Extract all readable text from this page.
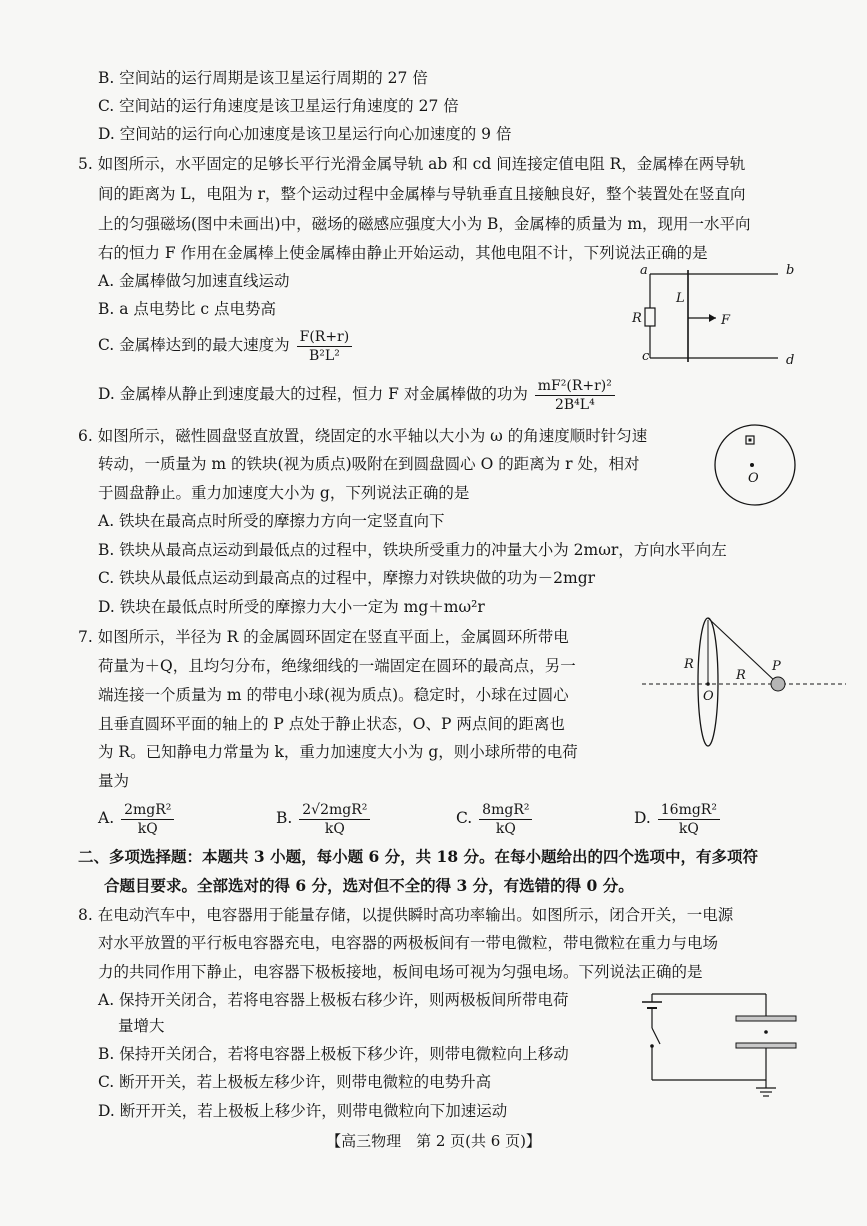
B. 空间站的运行周期是该卫星运行周期的 27 倍
C. 空间站的运行角速度是该卫星运行角速度的 27 倍
D. 空间站的运行向心加速度是该卫星运行向心加速度的 9 倍
5. 如图所示，水平固定的足够长平行光滑金属导轨 ab 和 cd 间连接定值电阻 R，金属棒在两导轨
间的距离为 L，电阻为 r，整个运动过程中金属棒与导轨垂直且接触良好，整个装置处在竖直向
上的匀强磁场(图中未画出)中，磁场的磁感应强度大小为 B，金属棒的质量为 m，现用一水平向
右的恒力 F 作用在金属棒上使金属棒由静止开始运动，其他电阻不计，下列说法正确的是
A. 金属棒做匀加速直线运动
B. a 点电势比 c 点电势高
C. 金属棒达到的最大速度为 $\frac{F(R+r)}{\text{B²L²}}$
D. 金属棒从静止到速度最大的过程，恒力 F 对金属棒做的功为 $\frac{\text{mF²(R+r)²}}{\text{2B⁴L⁴}}$
a	b
c	d
L
R	F
6. 如图所示，磁性圆盘竖直放置，绕固定的水平轴以大小为 ω 的角速度顺时针匀速
转动，一质量为 m 的铁块(视为质点)吸附在到圆盘圆心 O 的距离为 r 处，相对
于圆盘静止。重力加速度大小为 g，下列说法正确的是
A. 铁块在最高点时所受的摩擦力方向一定竖直向下
B. 铁块从最高点运动到最低点的过程中，铁块所受重力的冲量大小为 2mωr，方向水平向左
C. 铁块从最低点运动到最高点的过程中，摩擦力对铁块做的功为－2mgr
D. 铁块在最低点时所受的摩擦力大小一定为 mg＋mω²r
O
7. 如图所示，半径为 R 的金属圆环固定在竖直平面上，金属圆环所带电
荷量为＋Q，且均匀分布，绝缘细线的一端固定在圆环的最高点，另一
端连接一个质量为 m 的带电小球(视为质点)。稳定时，小球在过圆心
且垂直圆环平面的轴上的 P 点处于静止状态，O、P 两点间的距离也
为 R。已知静电力常量为 k，重力加速度大小为 g，则小球所带的电荷
量为
A. $\frac{\text{2mgR²}}{kQ}$	B. $\frac{\text{2√2mgR²}}{kQ}$	C. $\frac{\text{8mgR²}}{kQ}$	D. $\frac{\text{16mgR²}}{kQ}$
R
R
O
P
二、多项选择题：本题共 3 小题，每小题 6 分，共 18 分。在每小题给出的四个选项中，有多项符
合题目要求。全部选对的得 6 分，选对但不全的得 3 分，有选错的得 0 分。
8. 在电动汽车中，电容器用于能量存储，以提供瞬时高功率输出。如图所示，闭合开关，一电源
对水平放置的平行板电容器充电，电容器的两极板间有一带电微粒，带电微粒在重力与电场
力的共同作用下静止，电容器下极板接地，板间电场可视为匀强电场。下列说法正确的是
A. 保持开关闭合，若将电容器上极板右移少许，则两极板间所带电荷
量增大
B. 保持开关闭合，若将电容器上极板下移少许，则带电微粒向上移动
C. 断开开关，若上极板左移少许，则带电微粒的电势升高
D. 断开开关，若上极板上移少许，则带电微粒向下加速运动
【高三物理　第 2 页(共 6 页)】
